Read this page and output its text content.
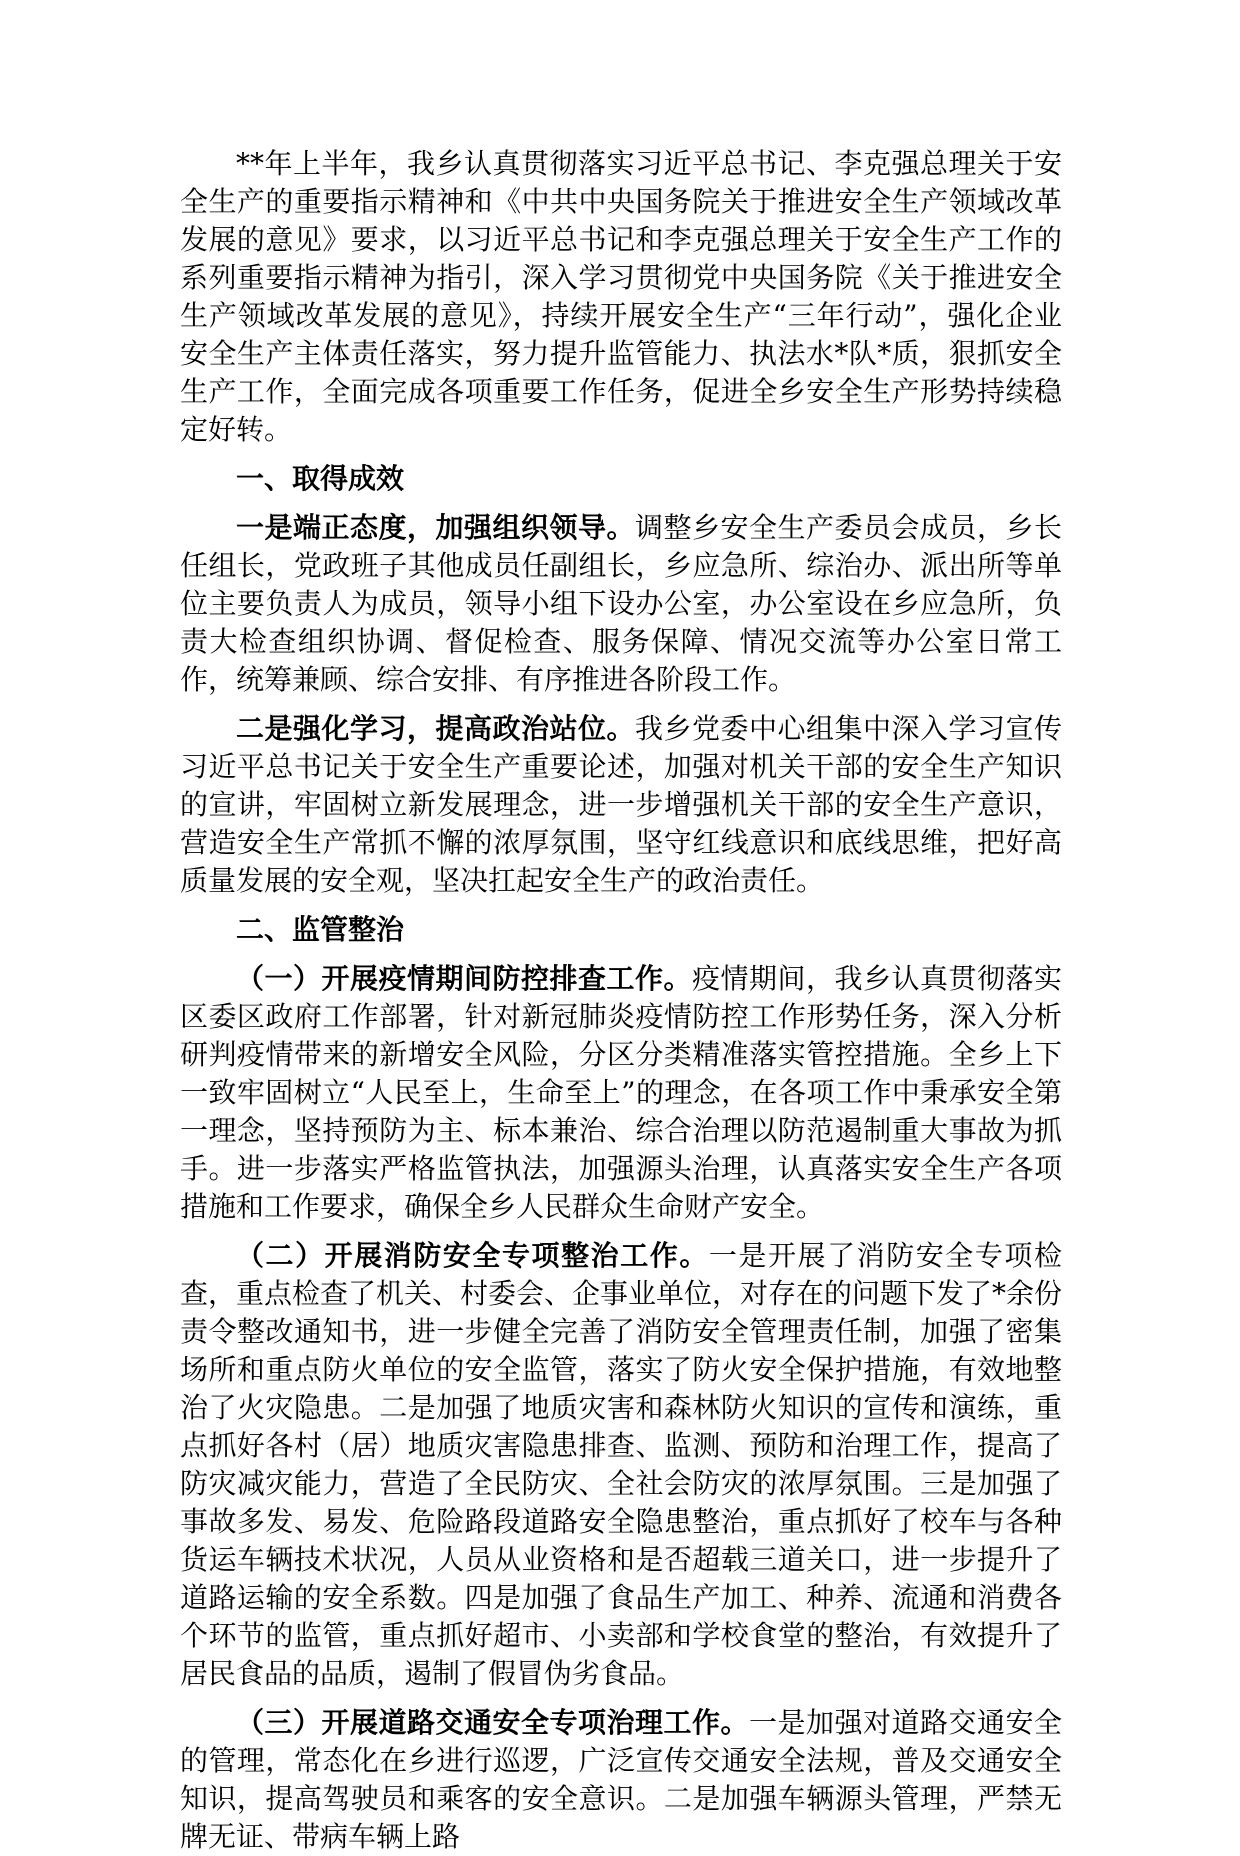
**年上半年，我乡认真贯彻落实习近平总书记、李克强总理关于安全生产的重要指示精神和《中共中央国务院关于推进安全生产领域改革发展的意见》要求，以习近平总书记和李克强总理关于安全生产工作的系列重要指示精神为指引，深入学习贯彻党中央国务院《关于推进安全生产领域改革发展的意见》，持续开展安全生产“三年行动”，强化企业安全生产主体责任落实，努力提升监管能力、执法水*队*质，狠抓安全生产工作，全面完成各项重要工作任务，促进全乡安全生产形势持续稳定好转。

一、取得成效

一是端正态度，加强组织领导。调整乡安全生产委员会成员，乡长任组长，党政班子其他成员任副组长，乡应急所、综治办、派出所等单位主要负责人为成员，领导小组下设办公室，办公室设在乡应急所，负责大检查组织协调、督促检查、服务保障、情况交流等办公室日常工作，统筹兼顾、综合安排、有序推进各阶段工作。

二是强化学习，提高政治站位。我乡党委中心组集中深入学习宣传习近平总书记关于安全生产重要论述，加强对机关干部的安全生产知识的宣讲，牢固树立新发展理念，进一步增强机关干部的安全生产意识，营造安全生产常抓不懈的浓厚氛围，坚守红线意识和底线思维，把好高质量发展的安全观，坚决扛起安全生产的政治责任。

二、监管整治

（一）开展疫情期间防控排查工作。疫情期间，我乡认真贯彻落实区委区政府工作部署，针对新冠肺炎疫情防控工作形势任务，深入分析研判疫情带来的新增安全风险，分区分类精准落实管控措施。全乡上下一致牢固树立“人民至上，生命至上”的理念，在各项工作中秉承安全第一理念，坚持预防为主、标本兼治、综合治理以防范遏制重大事故为抓手。进一步落实严格监管执法，加强源头治理，认真落实安全生产各项措施和工作要求，确保全乡人民群众生命财产安全。

（二）开展消防安全专项整治工作。一是开展了消防安全专项检查，重点检查了机关、村委会、企事业单位，对存在的问题下发了*余份责令整改通知书，进一步健全完善了消防安全管理责任制，加强了密集场所和重点防火单位的安全监管，落实了防火安全保护措施，有效地整治了火灾隐患。二是加强了地质灾害和森林防火知识的宣传和演练，重点抓好各村（居）地质灾害隐患排查、监测、预防和治理工作，提高了防灾减灾能力，营造了全民防灾、全社会防灾的浓厚氛围。三是加强了事故多发、易发、危险路段道路安全隐患整治，重点抓好了校车与各种货运车辆技术状况，人员从业资格和是否超载三道关口，进一步提升了道路运输的安全系数。四是加强了食品生产加工、种养、流通和消费各个环节的监管，重点抓好超市、小卖部和学校食堂的整治，有效提升了居民食品的品质，遏制了假冒伪劣食品。

（三）开展道路交通安全专项治理工作。一是加强对道路交通安全的管理，常态化在乡进行巡逻，广泛宣传交通安全法规，普及交通安全知识，提高驾驶员和乘客的安全意识。二是加强车辆源头管理，严禁无牌无证、带病车辆上路
